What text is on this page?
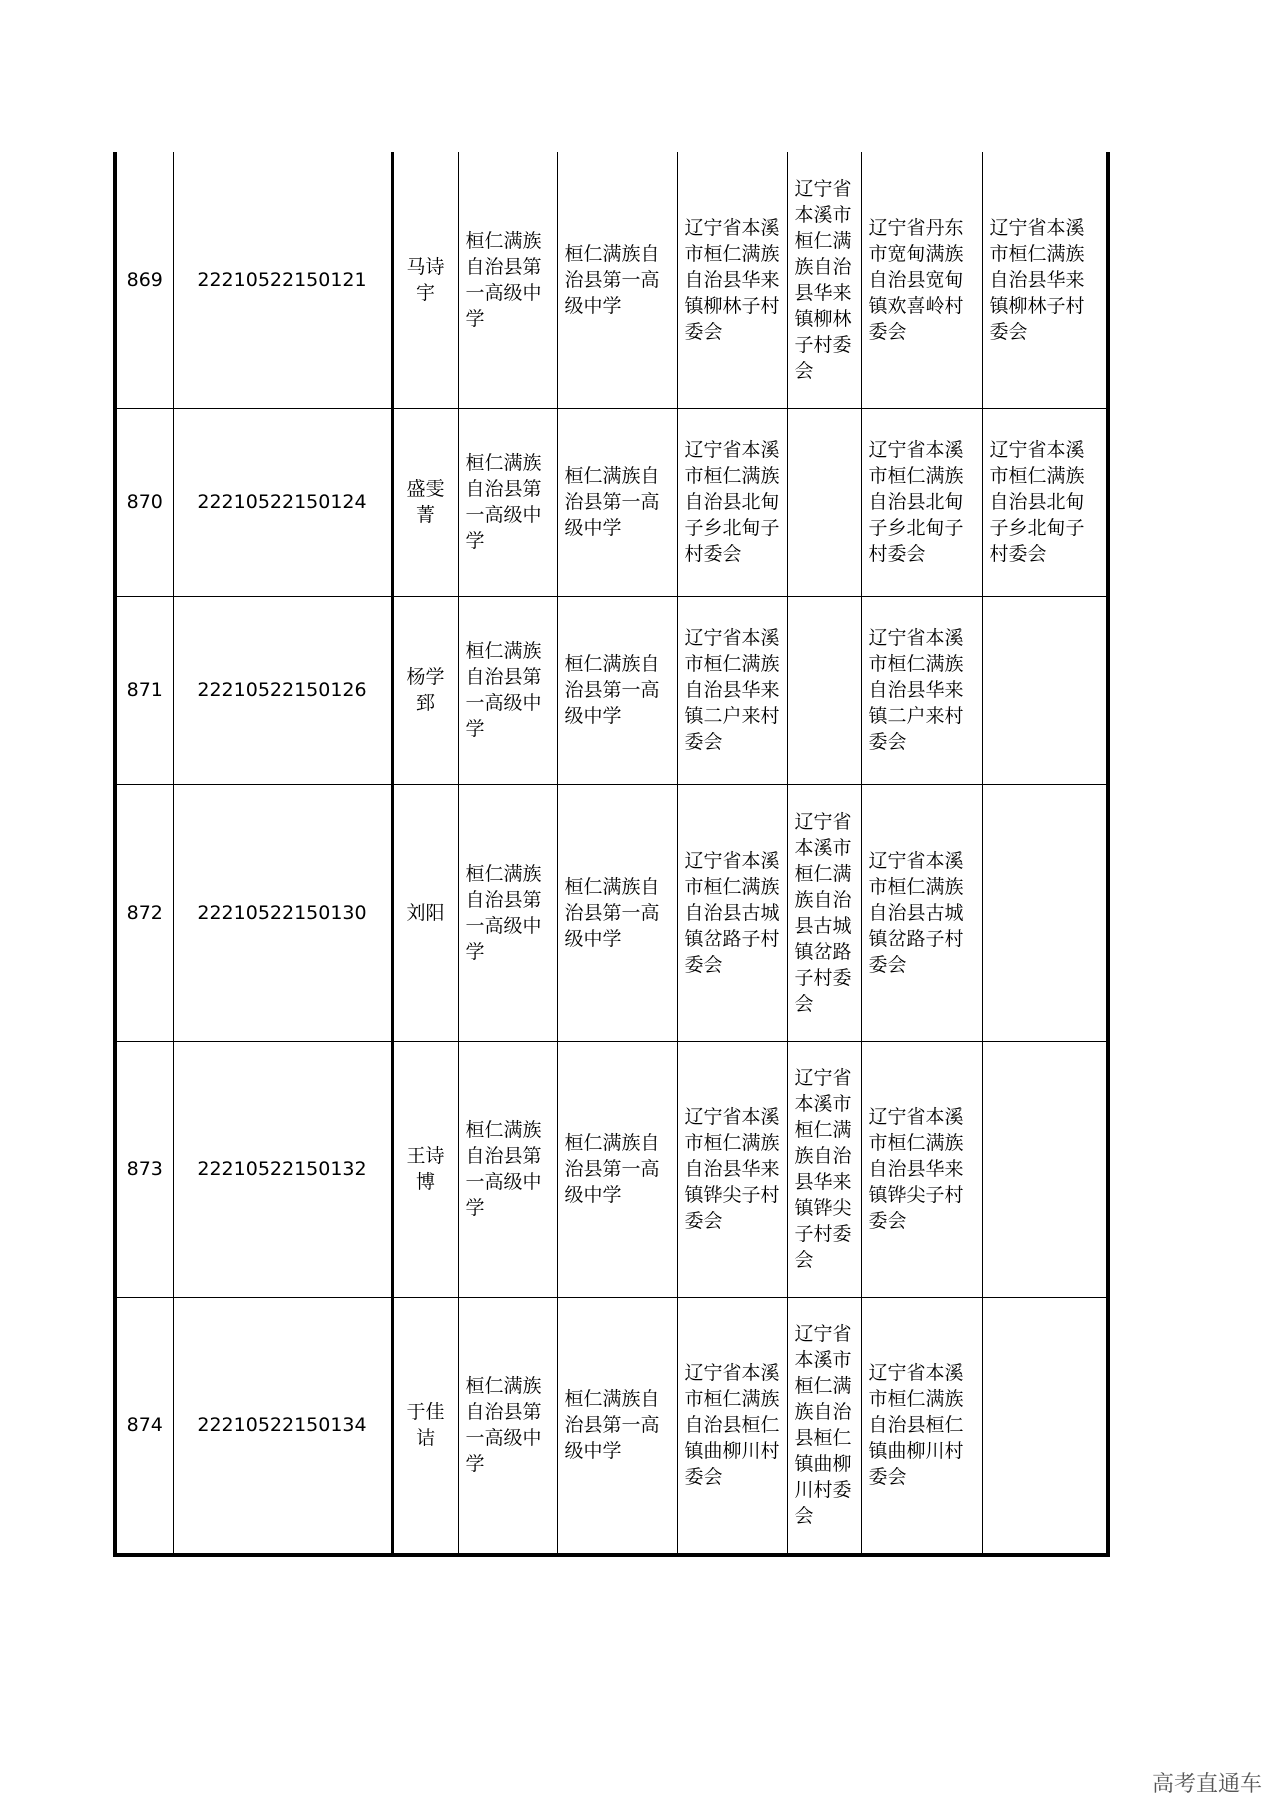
869	22210522150121	马诗宇	桓仁满族自治县第一高级中学	桓仁满族自治县第一高级中学	辽宁省本溪市桓仁满族自治县华来镇柳林子村委会	辽宁省本溪市桓仁满族自治县华来镇柳林子村委会	辽宁省丹东市宽甸满族自治县宽甸镇欢喜岭村委会	辽宁省本溪市桓仁满族自治县华来镇柳林子村委会
870	22210522150124	盛雯菁	桓仁满族自治县第一高级中学	桓仁满族自治县第一高级中学	辽宁省本溪市桓仁满族自治县北甸子乡北甸子村委会		辽宁省本溪市桓仁满族自治县北甸子乡北甸子村委会	辽宁省本溪市桓仁满族自治县北甸子乡北甸子村委会
871	22210522150126	杨学郅	桓仁满族自治县第一高级中学	桓仁满族自治县第一高级中学	辽宁省本溪市桓仁满族自治县华来镇二户来村委会		辽宁省本溪市桓仁满族自治县华来镇二户来村委会	
872	22210522150130	刘阳	桓仁满族自治县第一高级中学	桓仁满族自治县第一高级中学	辽宁省本溪市桓仁满族自治县古城镇岔路子村委会	辽宁省本溪市桓仁满族自治县古城镇岔路子村委会	辽宁省本溪市桓仁满族自治县古城镇岔路子村委会	
873	22210522150132	王诗博	桓仁满族自治县第一高级中学	桓仁满族自治县第一高级中学	辽宁省本溪市桓仁满族自治县华来镇铧尖子村委会	辽宁省本溪市桓仁满族自治县华来镇铧尖子村委会	辽宁省本溪市桓仁满族自治县华来镇铧尖子村委会	
874	22210522150134	于佳诘	桓仁满族自治县第一高级中学	桓仁满族自治县第一高级中学	辽宁省本溪市桓仁满族自治县桓仁镇曲柳川村委会	辽宁省本溪市桓仁满族自治县桓仁镇曲柳川村委会	辽宁省本溪市桓仁满族自治县桓仁镇曲柳川村委会	
高考直通车
